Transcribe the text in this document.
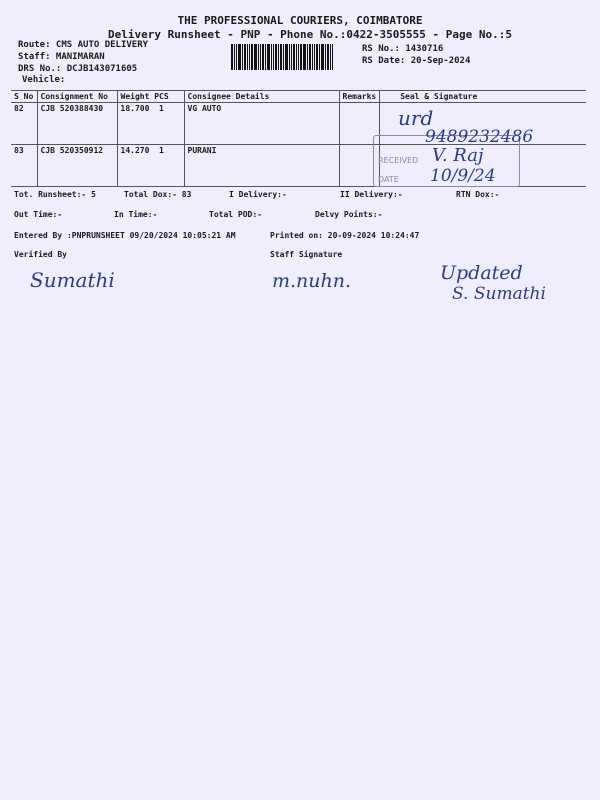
THE PROFESSIONAL COURIERS, COIMBATORE
Delivery Runsheet - PNP - Phone No.:0422-3505555 - Page No.:5
Route: CMS AUTO DELIVERY
Staff: MANIMARAN
DRS No.: DCJB143071605
Vehicle:
RS No.: 1430716
RS Date: 20-Sep-2024
S No	Consignment No	Weight PCS	Consignee Details	Remarks	Seal & Signature
82	CJB 520388430	18.700 1	VG AUTO		
83	CJB 520350912	14.270 1	PURANI		
RECEIVED
DATE
urd
9489232486
V. Raj
10/9/24
Tot. Runsheet:- 5	Total Dox:- 83	I Delivery:-	II Delivery:-	RTN Dox:-
Out Time:-	In Time:-	Total POD:-	Delvy Points:-
Entered By :PNPRUNSHEET 09/20/2024 10:05:21 AM	Printed on: 20-09-2024 10:24:47
Verified By	Staff Signature
Sumathi	m.nuhn.	Updated
S. Sumathi
